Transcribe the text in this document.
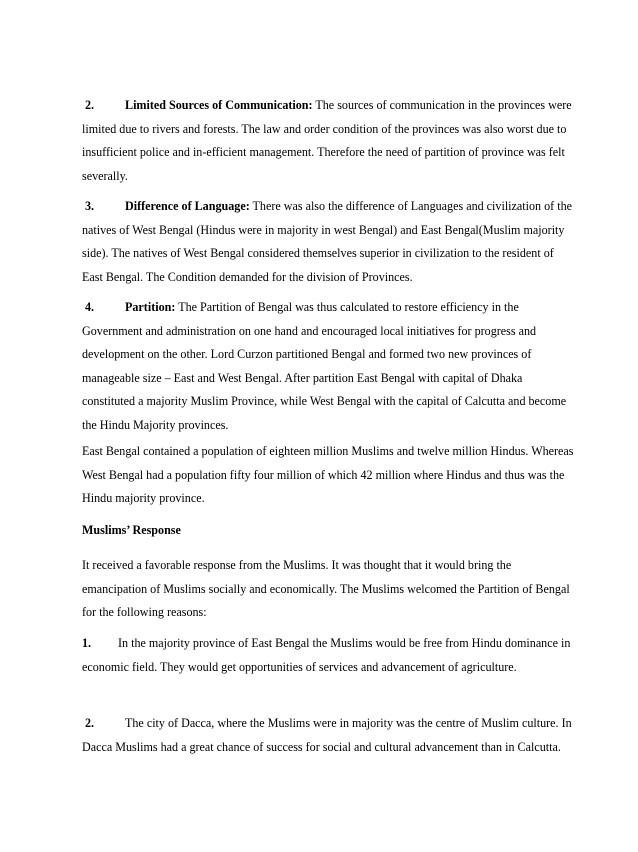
2.	Limited Sources of Communication: The sources of communication in the provinces were limited due to rivers and forests. The law and order condition of the provinces was also worst due to insufficient police and in-efficient management. Therefore the need of partition of province was felt severally.

3.	Difference of Language: There was also the difference of Languages and civilization of the natives of West Bengal (Hindus were in majority in west Bengal) and East Bengal(Muslim majority side). The natives of West Bengal considered themselves superior in civilization to the resident of East Bengal. The Condition demanded for the division of Provinces.

4.	Partition: The Partition of Bengal was thus calculated to restore efficiency in the Government and administration on one hand and encouraged local initiatives for progress and development on the other. Lord Curzon partitioned Bengal and formed two new provinces of manageable size – East and West Bengal. After partition East Bengal with capital of Dhaka constituted a majority Muslim Province, while West Bengal with the capital of Calcutta and become the Hindu Majority provinces.

East Bengal contained a population of eighteen million Muslims and twelve million Hindus. Whereas West Bengal had a population fifty four million of which 42 million where Hindus and thus was the Hindu majority province.

Muslims’ Response

It received a favorable response from the Muslims. It was thought that it would bring the emancipation of Muslims socially and economically. The Muslims welcomed the Partition of Bengal for the following reasons:

1. In the majority province of East Bengal the Muslims would be free from Hindu dominance in economic field. They would get opportunities of services and advancement of agriculture.

2.	The city of Dacca, where the Muslims were in majority was the centre of Muslim culture. In Dacca Muslims had a great chance of success for social and cultural advancement than in Calcutta.
